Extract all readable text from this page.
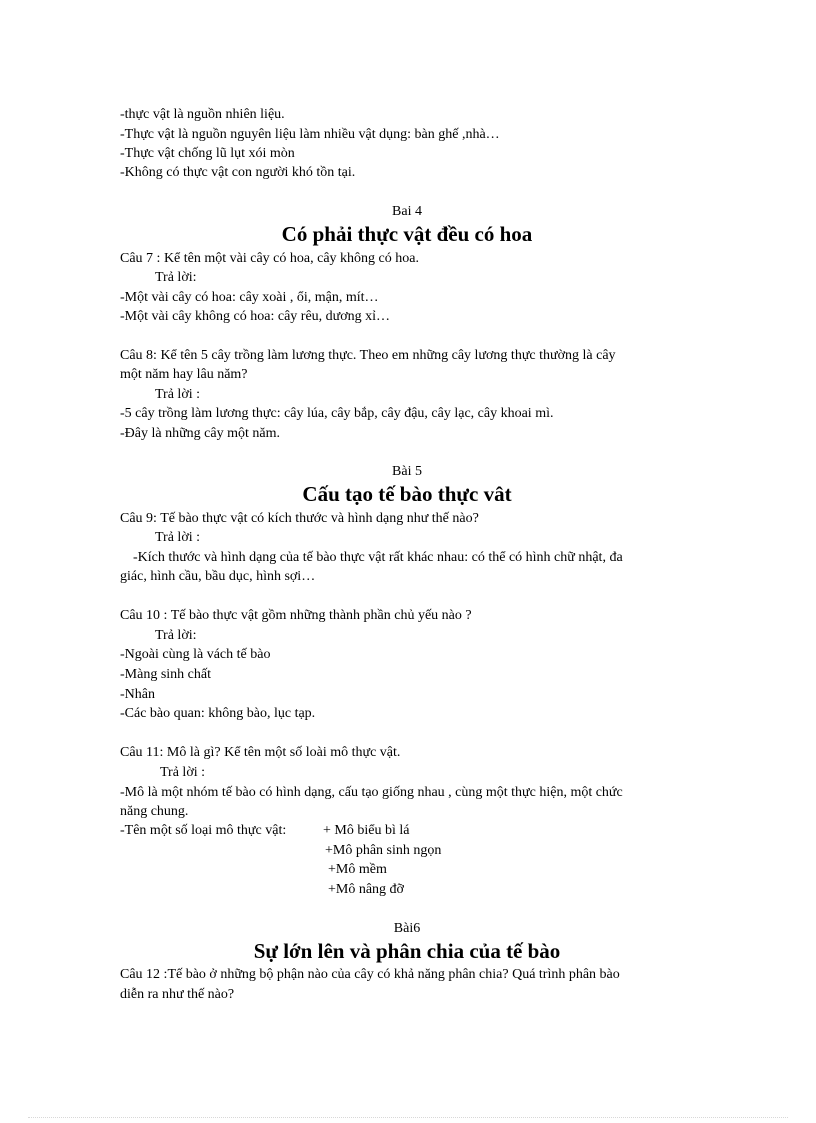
-thực vật là nguồn nhiên liệu.
-Thực vật là nguồn nguyên liệu làm nhiều vật dụng: bàn ghế ,nhà…
-Thực vật chống lũ lụt xói mòn
-Không có thực vật con người khó tồn tại.
Bai 4
Có phải thực vật đều có hoa
Câu 7 : Kể tên một vài cây có hoa, cây không có hoa.
Trả lời:
-Một vài cây có hoa: cây xoài , ổi, mận, mít…
-Một vài cây không có hoa: cây rêu, dương xỉ…
Câu 8: Kể tên 5 cây trồng làm lương thực. Theo em những cây lương thực thường là cây
một năm hay lâu năm?
Trả lời :
-5 cây trồng làm lương thực: cây lúa, cây bắp, cây đậu, cây lạc, cây khoai mì.
-Đây là những cây một năm.
Bài 5
Cấu tạo tế bào thực vât
Câu 9: Tế bào thực vật có kích thước và hình dạng như thế nào?
Trả lời :
-Kích thước và hình dạng của tế bào thực vật rất khác nhau: có thể có hình chữ nhật, đa
giác, hình cầu, bầu dục, hình sợi…
Câu 10 : Tế bào thực vật gồm những thành phần chủ yếu nào ?
Trả lời:
-Ngoài cùng là vách tế bào
-Màng sinh chất
-Nhân
-Các bào quan: không bào, lục tạp.
Câu 11: Mô là gì? Kể tên một số loài mô thực vật.
Trả lời :
-Mô là một nhóm tế bào có hình dạng, cấu tạo giống nhau , cùng một thực hiện, một chức
năng chung.
-Tên một số loại mô thực vật:	+ Mô biểu bì lá
+Mô phân sinh ngọn
+Mô mềm
+Mô nâng đỡ
Bài6
Sự lớn lên và phân chia của tế bào
Câu 12 :Tế bào ở những bộ phận nào của cây có khả năng phân chia? Quá trình phân bào
diễn ra như thế nào?
